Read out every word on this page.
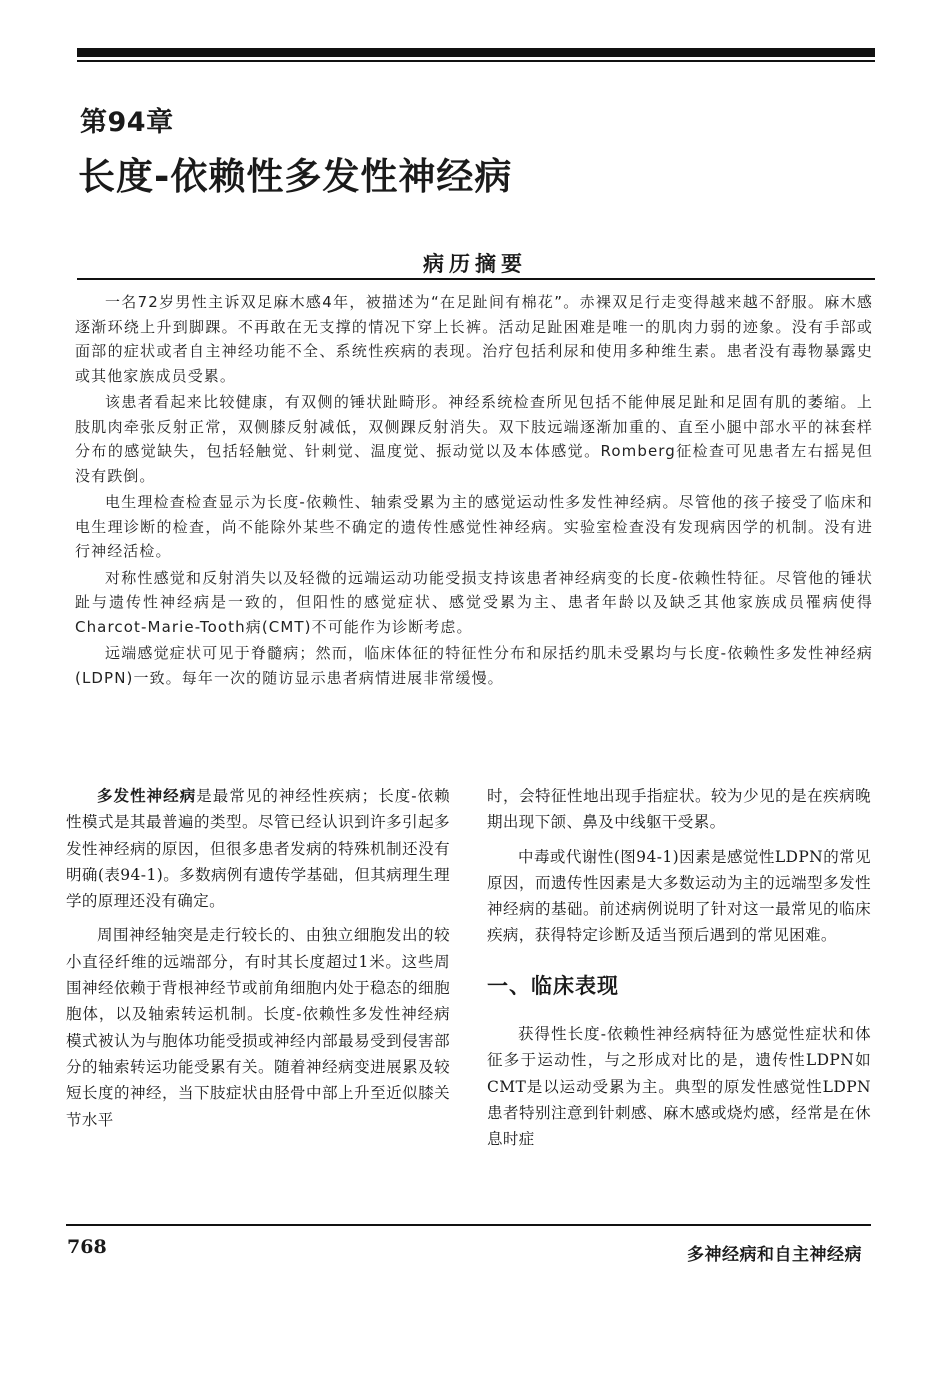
第94章
长度-依赖性多发性神经病
病历摘要

一名72岁男性主诉双足麻木感4年，被描述为“在足趾间有棉花”。赤裸双足行走变得越来越不舒服。麻木感逐渐环绕上升到脚踝。不再敢在无支撑的情况下穿上长裤。活动足趾困难是唯一的肌肉力弱的迹象。没有手部或面部的症状或者自主神经功能不全、系统性疾病的表现。治疗包括利尿和使用多种维生素。患者没有毒物暴露史或其他家族成员受累。

该患者看起来比较健康，有双侧的锤状趾畸形。神经系统检查所见包括不能伸展足趾和足固有肌的萎缩。上肢肌肉牵张反射正常，双侧膝反射减低，双侧踝反射消失。双下肢远端逐渐加重的、直至小腿中部水平的袜套样分布的感觉缺失，包括轻触觉、针刺觉、温度觉、振动觉以及本体感觉。Romberg征检查可见患者左右摇晃但没有跌倒。

电生理检查检查显示为长度-依赖性、轴索受累为主的感觉运动性多发性神经病。尽管他的孩子接受了临床和电生理诊断的检查，尚不能除外某些不确定的遗传性感觉性神经病。实验室检查没有发现病因学的机制。没有进行神经活检。

对称性感觉和反射消失以及轻微的远端运动功能受损支持该患者神经病变的长度-依赖性特征。尽管他的锤状趾与遗传性神经病是一致的，但阳性的感觉症状、感觉受累为主、患者年龄以及缺乏其他家族成员罹病使得Charcot-Marie-Tooth病(CMT)不可能作为诊断考虑。

远端感觉症状可见于脊髓病；然而，临床体征的特征性分布和尿括约肌未受累均与长度-依赖性多发性神经病(LDPN)一致。每年一次的随访显示患者病情进展非常缓慢。

多发性神经病是最常见的神经性疾病；长度-依赖性模式是其最普遍的类型。尽管已经认识到许多引起多发性神经病的原因，但很多患者发病的特殊机制还没有明确(表94-1)。多数病例有遗传学基础，但其病理生理学的原理还没有确定。

周围神经轴突是走行较长的、由独立细胞发出的较小直径纤维的远端部分，有时其长度超过1米。这些周围神经依赖于背根神经节或前角细胞内处于稳态的细胞胞体，以及轴索转运机制。长度-依赖性多发性神经病模式被认为与胞体功能受损或神经内部最易受到侵害部分的轴索转运功能受累有关。随着神经病变进展累及较短长度的神经，当下肢症状由胫骨中部上升至近似膝关节水平

时，会特征性地出现手指症状。较为少见的是在疾病晚期出现下颌、鼻及中线躯干受累。

中毒或代谢性(图94-1)因素是感觉性LDPN的常见原因，而遗传性因素是大多数运动为主的远端型多发性神经病的基础。前述病例说明了针对这一最常见的临床疾病，获得特定诊断及适当预后遇到的常见困难。

一、临床表现

获得性长度-依赖性神经病特征为感觉性症状和体征多于运动性，与之形成对比的是，遗传性LDPN如CMT是以运动受累为主。典型的原发性感觉性LDPN患者特别注意到针刺感、麻木感或烧灼感，经常是在休息时症

768	多神经病和自主神经病
